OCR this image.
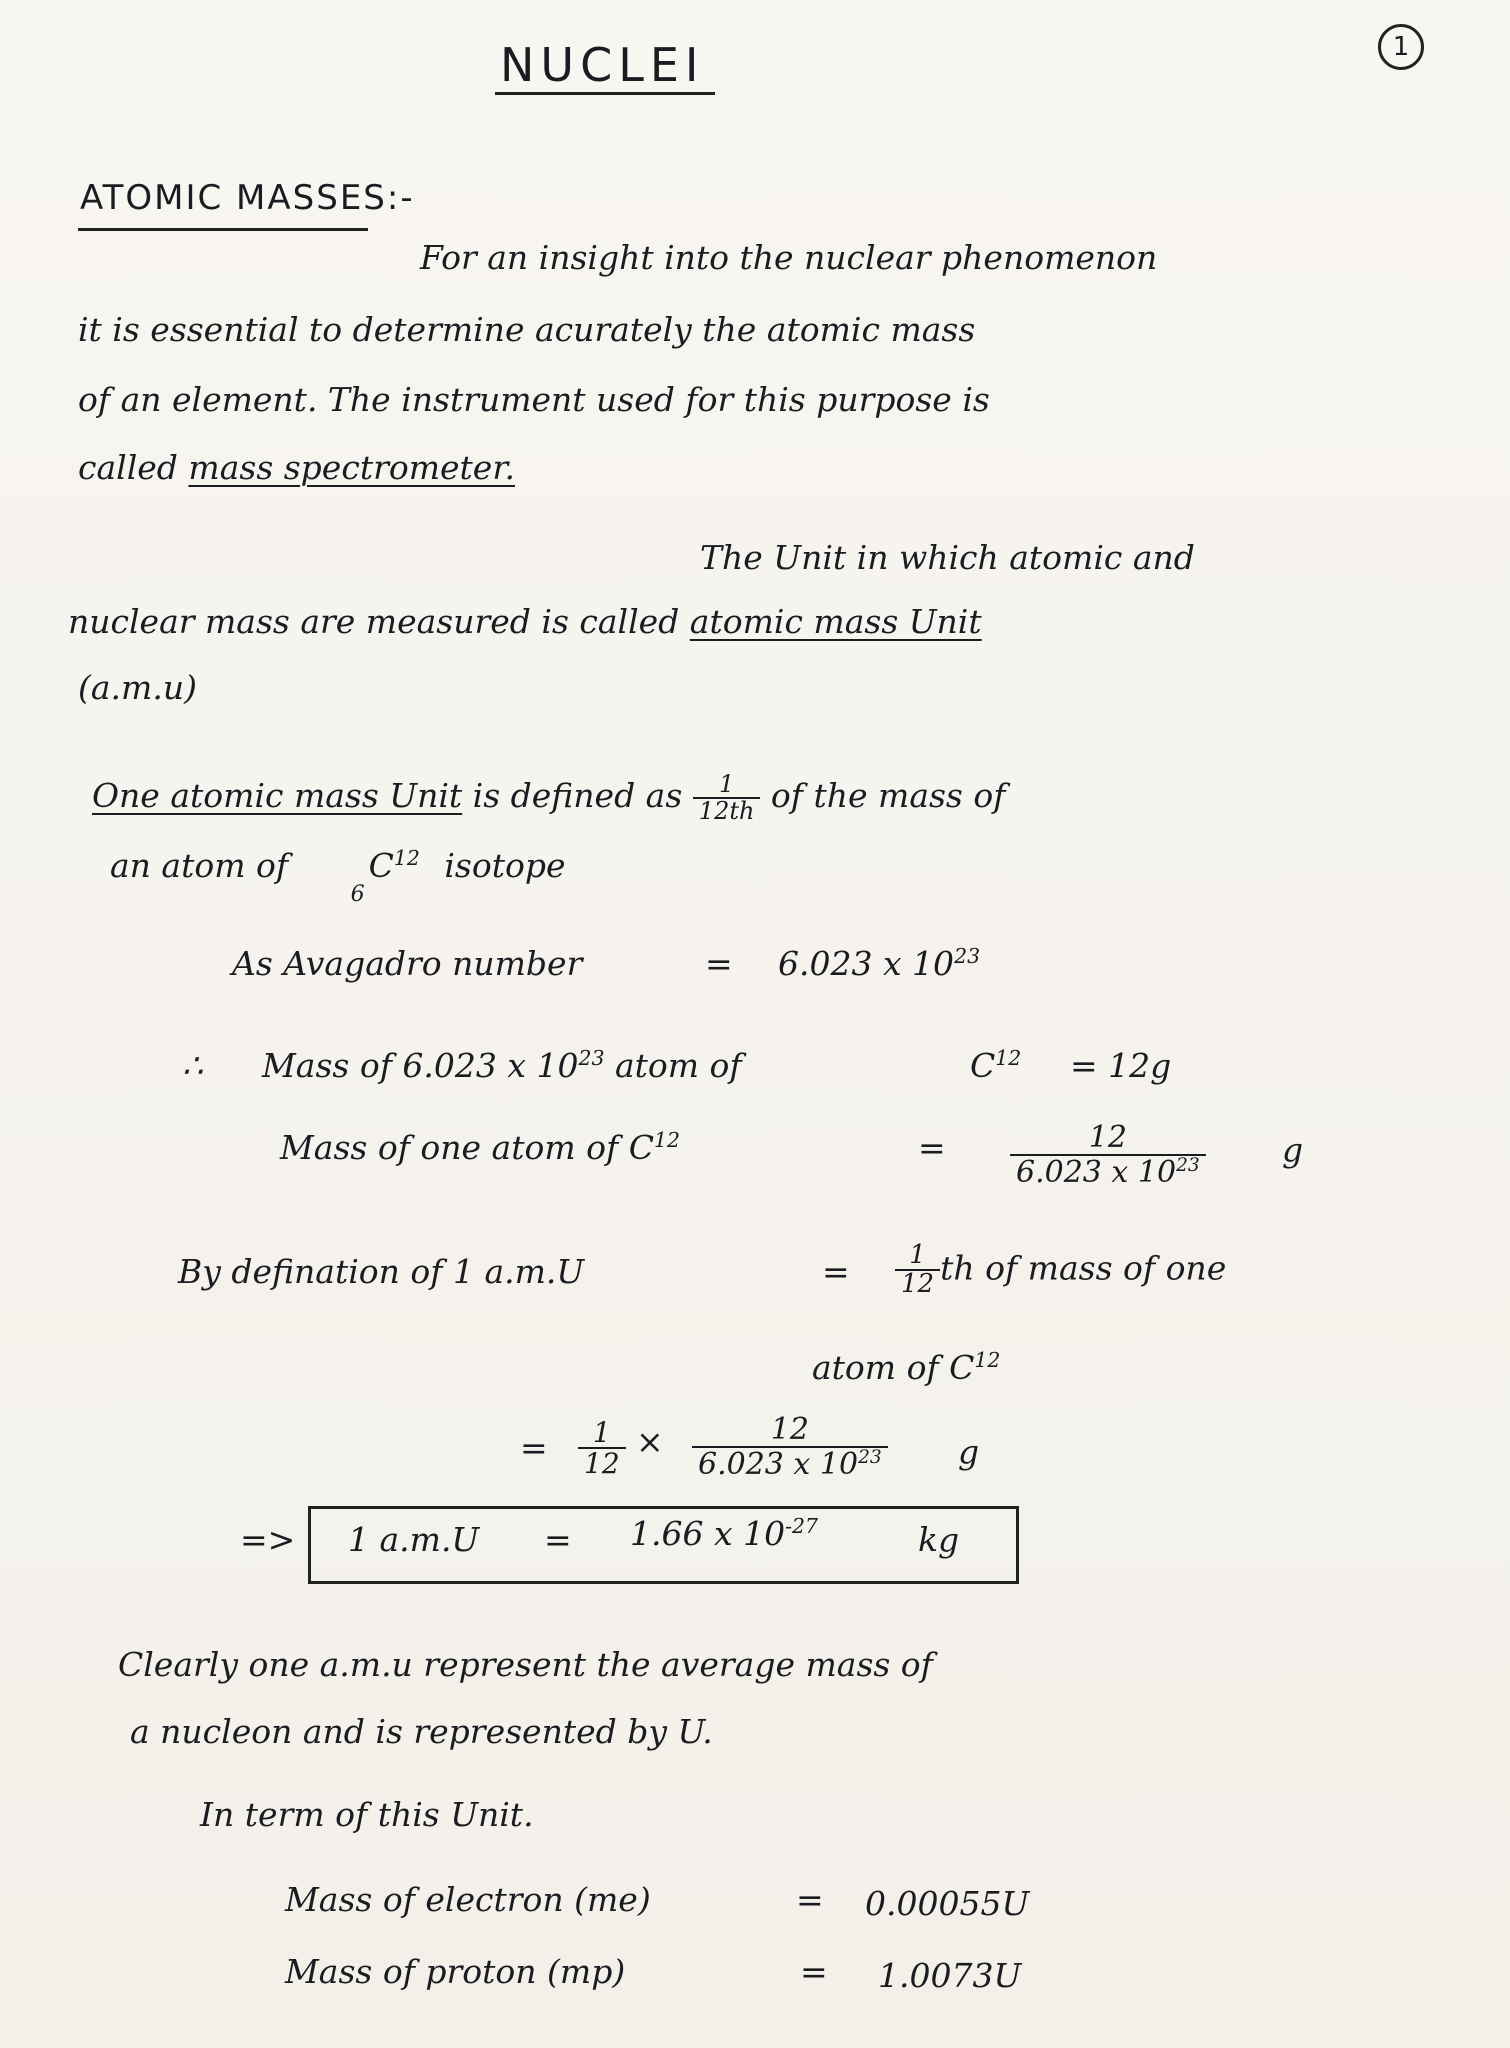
NUCLEI	1
ATOMIC MASSES:-
For an insight into the nuclear phenomenon
it is essential to determine acurately the atomic mass
of an element. The instrument used for this purpose is
called mass spectrometer.
The Unit in which atomic and
nuclear mass are measured is called atomic mass Unit
(a.m.u)
One atomic mass Unit is defined as $\frac{1}{12th}$ of the mass of
an atom of $C^{12}$
6
isotope
As Avagadro number	= 6.023 x $10^{23}$
∴ Mass of 6.023 x $10^{23}$ atom of	$C^{12} = 12g$
Mass of one atom of $C^{12}$	= $\frac{12}{6.023 x 10^{23}}$ g
By defination of 1 a.m.U	= $\frac{1}{12}$ th of mass of one
atom of $C^{12}$
= $\frac{1}{12} \times \frac{12}{6.023 x 10^{23}}$ g
=> 1 a.m.U = 1.66 x $10^{-27}$	kg
Clearly one a.m.u represent the average mass of
a nucleon and is represented by U.
In term of this Unit.
Mass of electron (me)	= 0.00055U
Mass of proton (mp)	= 1.0073U
